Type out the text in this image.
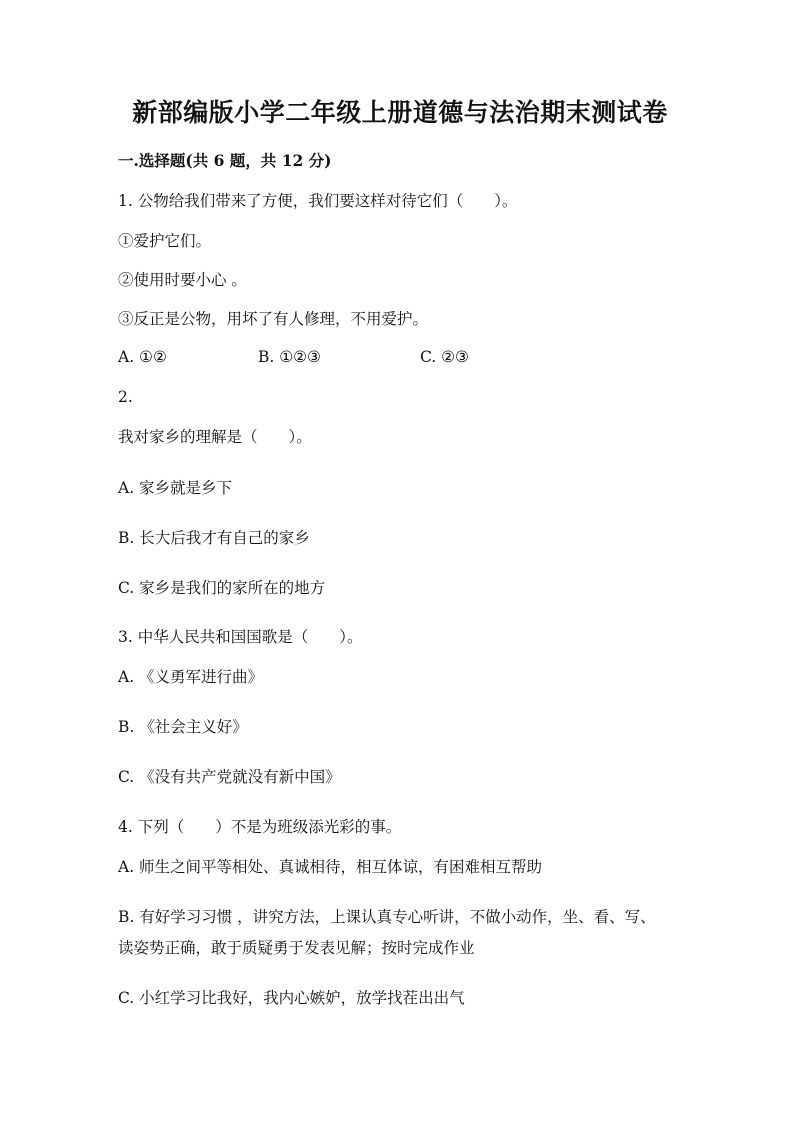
新部编版小学二年级上册道德与法治期末测试卷
一.选择题(共 6 题，共 12 分)
1. 公物给我们带来了方便，我们要这样对待它们（　　）。
①爱护它们。
②使用时要小心 。
③反正是公物，用坏了有人修理，不用爱护。
A. ①②	B. ①②③	C. ②③
2.
我对家乡的理解是（　　）。
A. 家乡就是乡下
B. 长大后我才有自己的家乡
C. 家乡是我们的家所在的地方
3. 中华人民共和国国歌是（　　）。
A. 《义勇军进行曲》
B. 《社会主义好》
C. 《没有共产党就没有新中国》
4. 下列（　　）不是为班级添光彩的事。
A. 师生之间平等相处、真诚相待，相互体谅，有困难相互帮助
B. 有好学习习惯 ，讲究方法，上课认真专心听讲，不做小动作，坐、看、写、
读姿势正确，敢于质疑勇于发表见解；按时完成作业
C. 小红学习比我好，我内心嫉妒，放学找茬出出气
